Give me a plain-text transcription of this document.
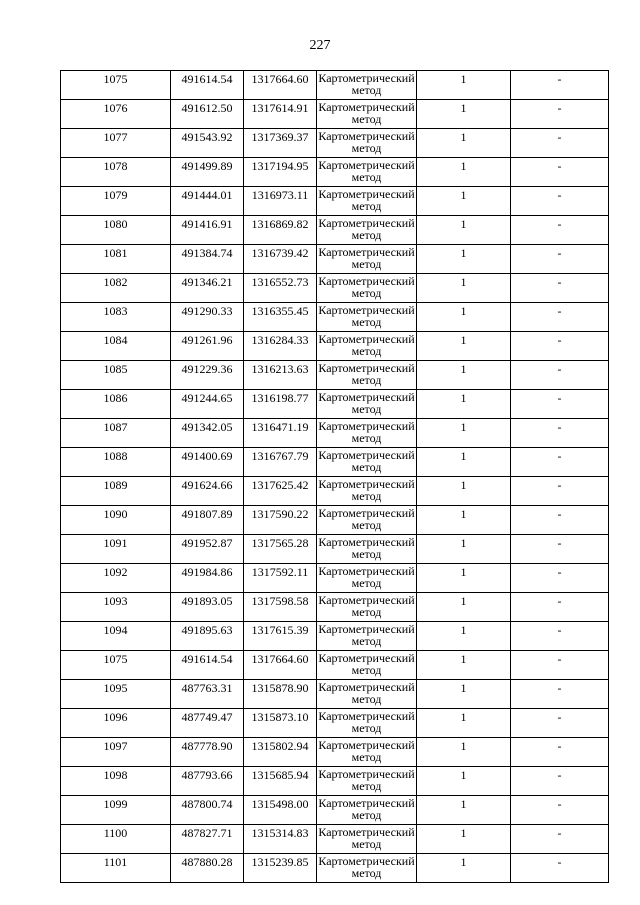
227
1075	491614.54	1317664.60	Картометрический метод	1	-
1076	491612.50	1317614.91	Картометрический метод	1	-
1077	491543.92	1317369.37	Картометрический метод	1	-
1078	491499.89	1317194.95	Картометрический метод	1	-
1079	491444.01	1316973.11	Картометрический метод	1	-
1080	491416.91	1316869.82	Картометрический метод	1	-
1081	491384.74	1316739.42	Картометрический метод	1	-
1082	491346.21	1316552.73	Картометрический метод	1	-
1083	491290.33	1316355.45	Картометрический метод	1	-
1084	491261.96	1316284.33	Картометрический метод	1	-
1085	491229.36	1316213.63	Картометрический метод	1	-
1086	491244.65	1316198.77	Картометрический метод	1	-
1087	491342.05	1316471.19	Картометрический метод	1	-
1088	491400.69	1316767.79	Картометрический метод	1	-
1089	491624.66	1317625.42	Картометрический метод	1	-
1090	491807.89	1317590.22	Картометрический метод	1	-
1091	491952.87	1317565.28	Картометрический метод	1	-
1092	491984.86	1317592.11	Картометрический метод	1	-
1093	491893.05	1317598.58	Картометрический метод	1	-
1094	491895.63	1317615.39	Картометрический метод	1	-
1075	491614.54	1317664.60	Картометрический метод	1	-
1095	487763.31	1315878.90	Картометрический метод	1	-
1096	487749.47	1315873.10	Картометрический метод	1	-
1097	487778.90	1315802.94	Картометрический метод	1	-
1098	487793.66	1315685.94	Картометрический метод	1	-
1099	487800.74	1315498.00	Картометрический метод	1	-
1100	487827.71	1315314.83	Картометрический метод	1	-
1101	487880.28	1315239.85	Картометрический метод	1	-
